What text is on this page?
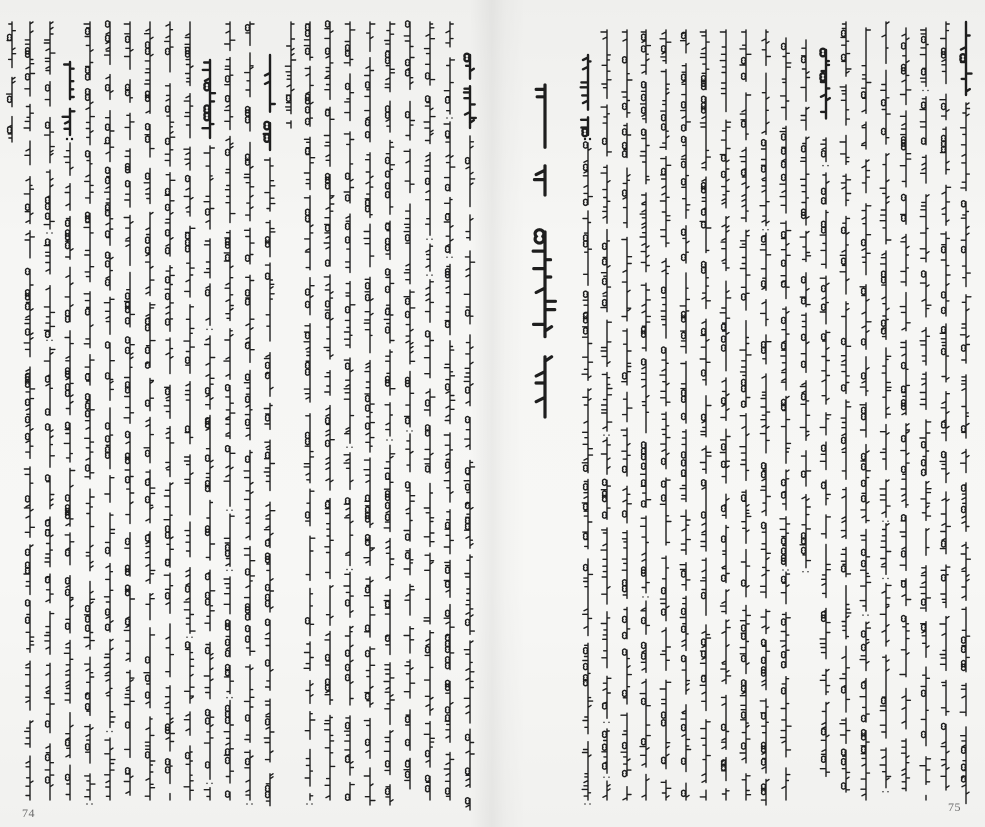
74	75
